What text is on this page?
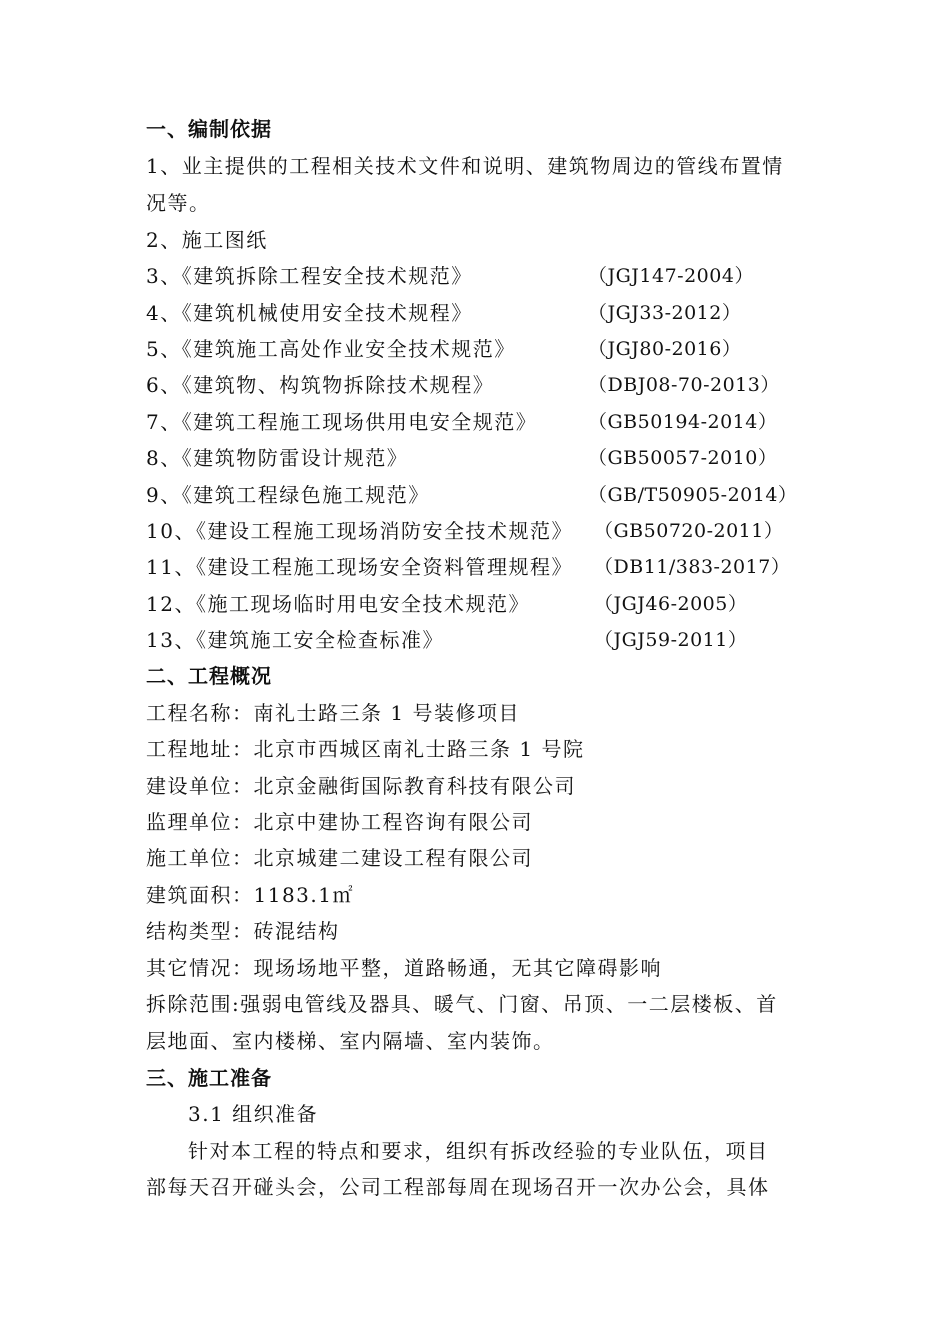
一、编制依据
1、业主提供的工程相关技术文件和说明、建筑物周边的管线布置情
况等。
2、施工图纸
3、《建筑拆除工程安全技术规范》	（JGJ147-2004）
4、《建筑机械使用安全技术规程》	（JGJ33-2012）
5、《建筑施工高处作业安全技术规范》	（JGJ80-2016）
6、《建筑物、构筑物拆除技术规程》	（DBJ08-70-2013）
7、《建筑工程施工现场供用电安全规范》	（GB50194-2014）
8、《建筑物防雷设计规范》	（GB50057-2010）
9、《建筑工程绿色施工规范》	（GB/T50905-2014）
10、《建设工程施工现场消防安全技术规范》 （GB50720-2011）
11、《建设工程施工现场安全资料管理规程》 （DB11/383-2017）
12、《施工现场临时用电安全技术规范》	（JGJ46-2005）
13、《建筑施工安全检查标准》	（JGJ59-2011）
二、工程概况
工程名称：南礼士路三条 1 号装修项目
工程地址：北京市西城区南礼士路三条 1 号院
建设单位：北京金融街国际教育科技有限公司
监理单位：北京中建协工程咨询有限公司
施工单位：北京城建二建设工程有限公司
建筑面积：1183.1㎡
结构类型：砖混结构
其它情况：现场场地平整，道路畅通，无其它障碍影响
拆除范围:强弱电管线及器具、暖气、门窗、吊顶、一二层楼板、首
层地面、室内楼梯、室内隔墙、室内装饰。
三、施工准备
3.1 组织准备
针对本工程的特点和要求，组织有拆改经验的专业队伍，项目
部每天召开碰头会，公司工程部每周在现场召开一次办公会，具体
